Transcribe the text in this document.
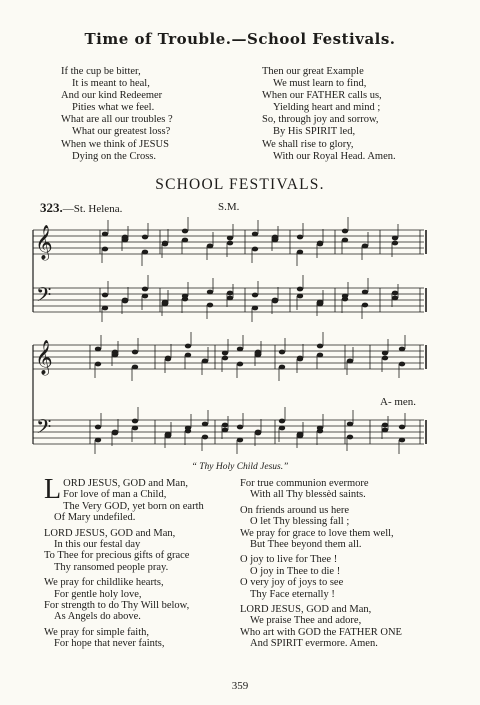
Time of Trouble.—School Festivals.
If the cup be bitter,
It is meant to heal,
And our kind Redeemer
Pities what we feel.
What are all our troubles ?
What our greatest loss?
When we think of JESUS
Dying on the Cross.
Then our great Example
We must learn to find,
When our FATHER calls us,
Yielding heart and mind ;
So, through joy and sorrow,
By His SPIRIT led,
We shall rise to glory,
With our Royal Head. Amen.
SCHOOL FESTIVALS.
323.—St. Helena.	S.M.
𝄞
𝄢
𝄞
𝄢
A- men.
“ Thy Holy Child Jesus.”
L ORD JESUS, GOD and Man,
For love of man a Child,
The Very GOD, yet born on earth
Of Mary undefiled.
LORD JESUS, GOD and Man,
In this our festal day
To Thee for precious gifts of grace
Thy ransomed people pray.
We pray for childlike hearts,
For gentle holy love,
For strength to do Thy Will below,
As Angels do above.
We pray for simple faith,
For hope that never faints,
For true communion evermore
With all Thy blessèd saints.
On friends around us here
O let Thy blessing fall ;
We pray for grace to love them well,
But Thee beyond them all.
O joy to live for Thee !
O joy in Thee to die !
O very joy of joys to see
Thy Face eternally !
LORD JESUS, GOD and Man,
We praise Thee and adore,
Who art with GOD the FATHER ONE
And SPIRIT evermore. Amen.
359
